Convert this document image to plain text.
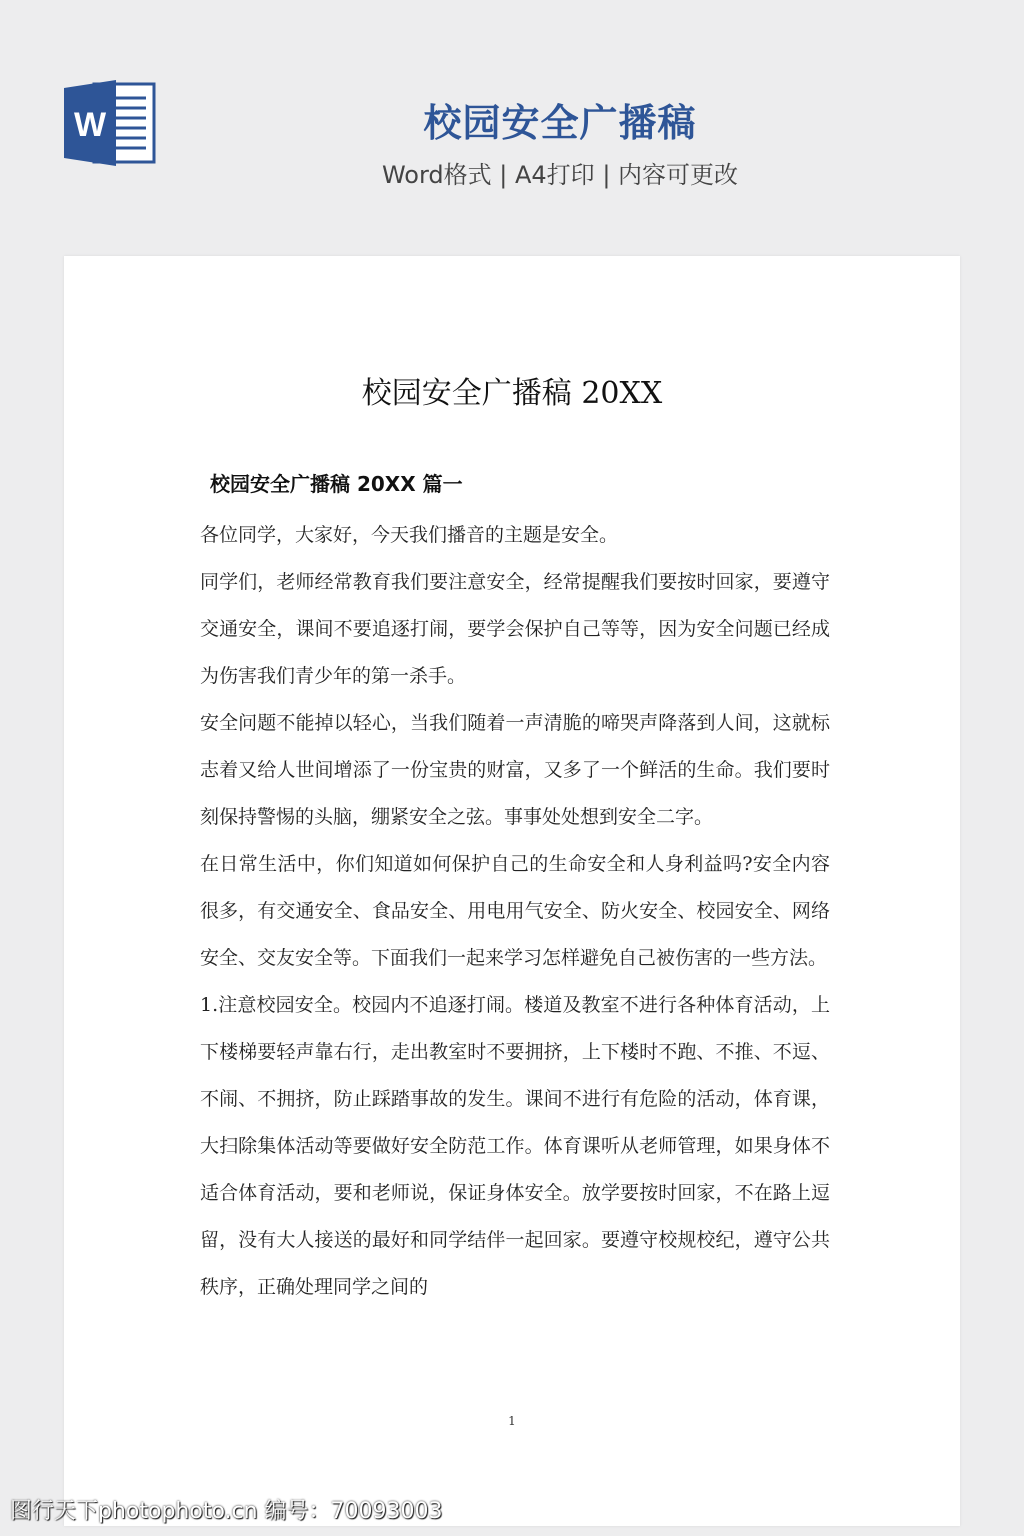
W	校园安全广播稿
Word格式 | A4打印 | 内容可更改
校园安全广播稿 20XX
校园安全广播稿 20XX 篇一

各位同学，大家好，今天我们播音的主题是安全。

同学们，老师经常教育我们要注意安全，经常提醒我们要按时回家，要遵守交通安全，课间不要追逐打闹，要学会保护自己等等，因为安全问题已经成为伤害我们青少年的第一杀手。

安全问题不能掉以轻心，当我们随着一声清脆的啼哭声降落到人间，这就标志着又给人世间增添了一份宝贵的财富，又多了一个鲜活的生命。我们要时刻保持警惕的头脑，绷紧安全之弦。事事处处想到安全二字。

在日常生活中，你们知道如何保护自己的生命安全和人身利益吗?安全内容很多，有交通安全、食品安全、用电用气安全、防火安全、校园安全、网络安全、交友安全等。下面我们一起来学习怎样避免自己被伤害的一些方法。

1.注意校园安全。校园内不追逐打闹。楼道及教室不进行各种体育活动，上下楼梯要轻声靠右行，走出教室时不要拥挤，上下楼时不跑、不推、不逗、不闹、不拥挤，防止踩踏事故的发生。课间不进行有危险的活动，体育课，大扫除集体活动等要做好安全防范工作。体育课听从老师管理，如果身体不适合体育活动，要和老师说，保证身体安全。放学要按时回家，不在路上逗留，没有大人接送的最好和同学结伴一起回家。要遵守校规校纪，遵守公共秩序，正确处理同学之间的

1
图行天下photophoto.cn 编号：70093003
